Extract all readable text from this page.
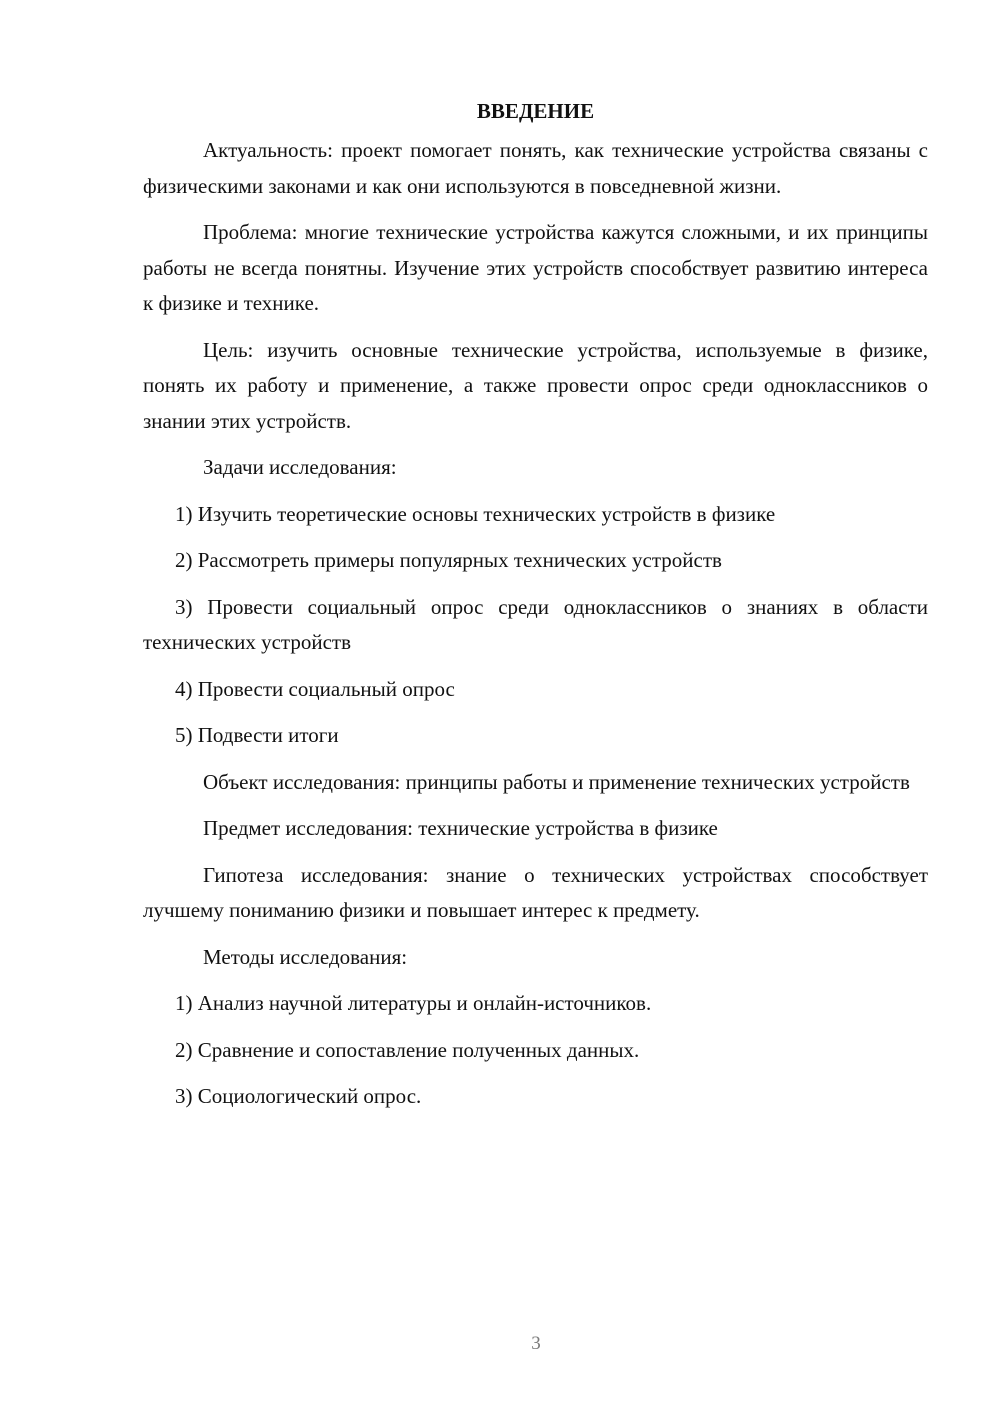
ВВЕДЕНИЕ

Актуальность: проект помогает понять, как технические устройства связаны с физическими законами и как они используются в повседневной жизни.

Проблема: многие технические устройства кажутся сложными, и их принципы работы не всегда понятны. Изучение этих устройств способствует развитию интереса к физике и технике.

Цель: изучить основные технические устройства, используемые в физике, понять их работу и применение, а также провести опрос среди одноклассников о знании этих устройств.

Задачи исследования:

1) Изучить теоретические основы технических устройств в физике

2) Рассмотреть примеры популярных технических устройств

3) Провести социальный опрос среди одноклассников о знаниях в области технических устройств

4) Провести социальный опрос

5) Подвести итоги

Объект исследования: принципы работы и применение технических устройств

Предмет исследования: технические устройства в физике

Гипотеза исследования: знание о технических устройствах способствует лучшему пониманию физики и повышает интерес к предмету.

Методы исследования:

1) Анализ научной литературы и онлайн-источников.

2) Сравнение и сопоставление полученных данных.

3) Социологический опрос.

3
